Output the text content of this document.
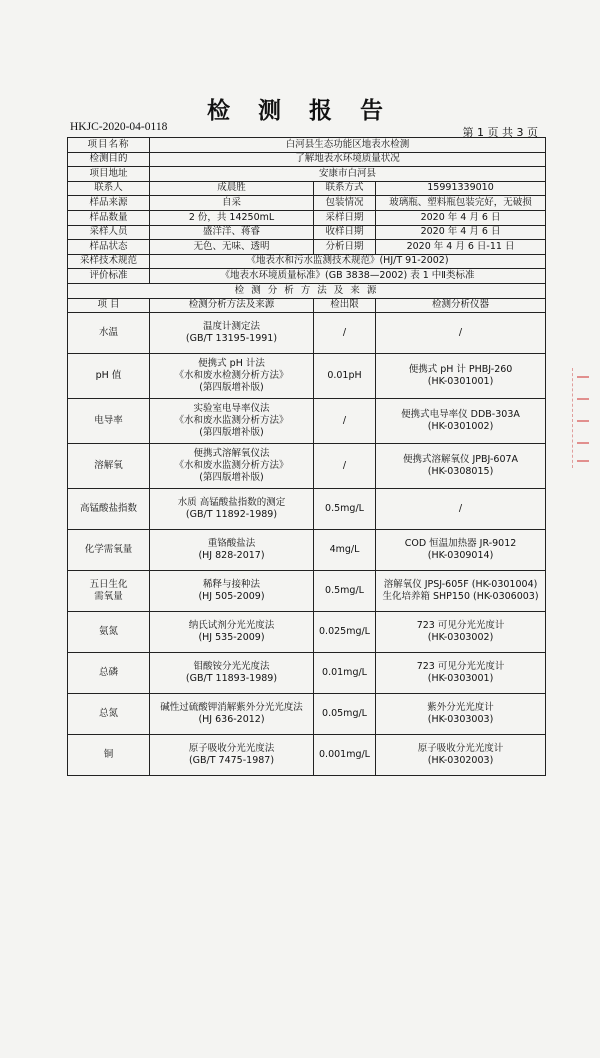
检 测 报 告
HKJC-2020-04-0118	第 1 页 共 3 页
项目名称	白河县生态功能区地表水检测		
检测目的	了解地表水环境质量状况		
项目地址	安康市白河县		
联系人	成晨胜	联系方式	15991339010
样品来源	自采	包装情况	玻璃瓶、塑料瓶包装完好，无破损
样品数量	2 份，共 14250mL	采样日期	2020 年 4 月 6 日
采样人员	盛洋洋、蒋睿	收样日期	2020 年 4 月 6 日
样品状态	无色、无味、透明	分析日期	2020 年 4 月 6 日-11 日
采样技术规范	《地表水和污水监测技术规范》(HJ/T 91-2002)		
评价标准	《地表水环境质量标准》(GB 3838—2002) 表 1 中Ⅱ类标准		
检 测 分 析 方 法 及 来 源			
项 目	检测分析方法及来源	检出限	检测分析仪器

水温	温度计测定法
(GB/T 13195-1991)	/	/

pH 值	便携式 pH 计法
《水和废水检测分析方法》
(第四版增补版)	0.01pH	便携式 pH 计 PHBJ-260
(HK-0301001)

电导率	实验室电导率仪法
《水和废水监测分析方法》
(第四版增补版)	/	便携式电导率仪 DDB-303A
(HK-0301002)

溶解氧	便携式溶解氧仪法
《水和废水监测分析方法》
(第四版增补版)	/	便携式溶解氧仪 JPBJ-607A
(HK-0308015)

高锰酸盐指数	水质 高锰酸盐指数的测定
(GB/T 11892-1989)	0.5mg/L	/

化学需氧量	重铬酸盐法
(HJ 828-2017)	4mg/L	COD 恒温加热器 JR-9012
(HK-0309014)

五日生化
需氧量	稀释与接种法
(HJ 505-2009)	0.5mg/L	溶解氧仪 JPSJ-605F (HK-0301004)
生化培养箱 SHP150 (HK-0306003)

氨氮	纳氏试剂分光光度法
(HJ 535-2009)	0.025mg/L	723 可见分光光度计
(HK-0303002)

总磷	钼酸铵分光光度法
(GB/T 11893-1989)	0.01mg/L	723 可见分光光度计
(HK-0303001)

总氮	碱性过硫酸钾消解紫外分光光度法
(HJ 636-2012)	0.05mg/L	紫外分光光度计
(HK-0303003)

铜	原子吸收分光光度法
(GB/T 7475-1987)	0.001mg/L	原子吸收分光光度计
(HK-0302003)
